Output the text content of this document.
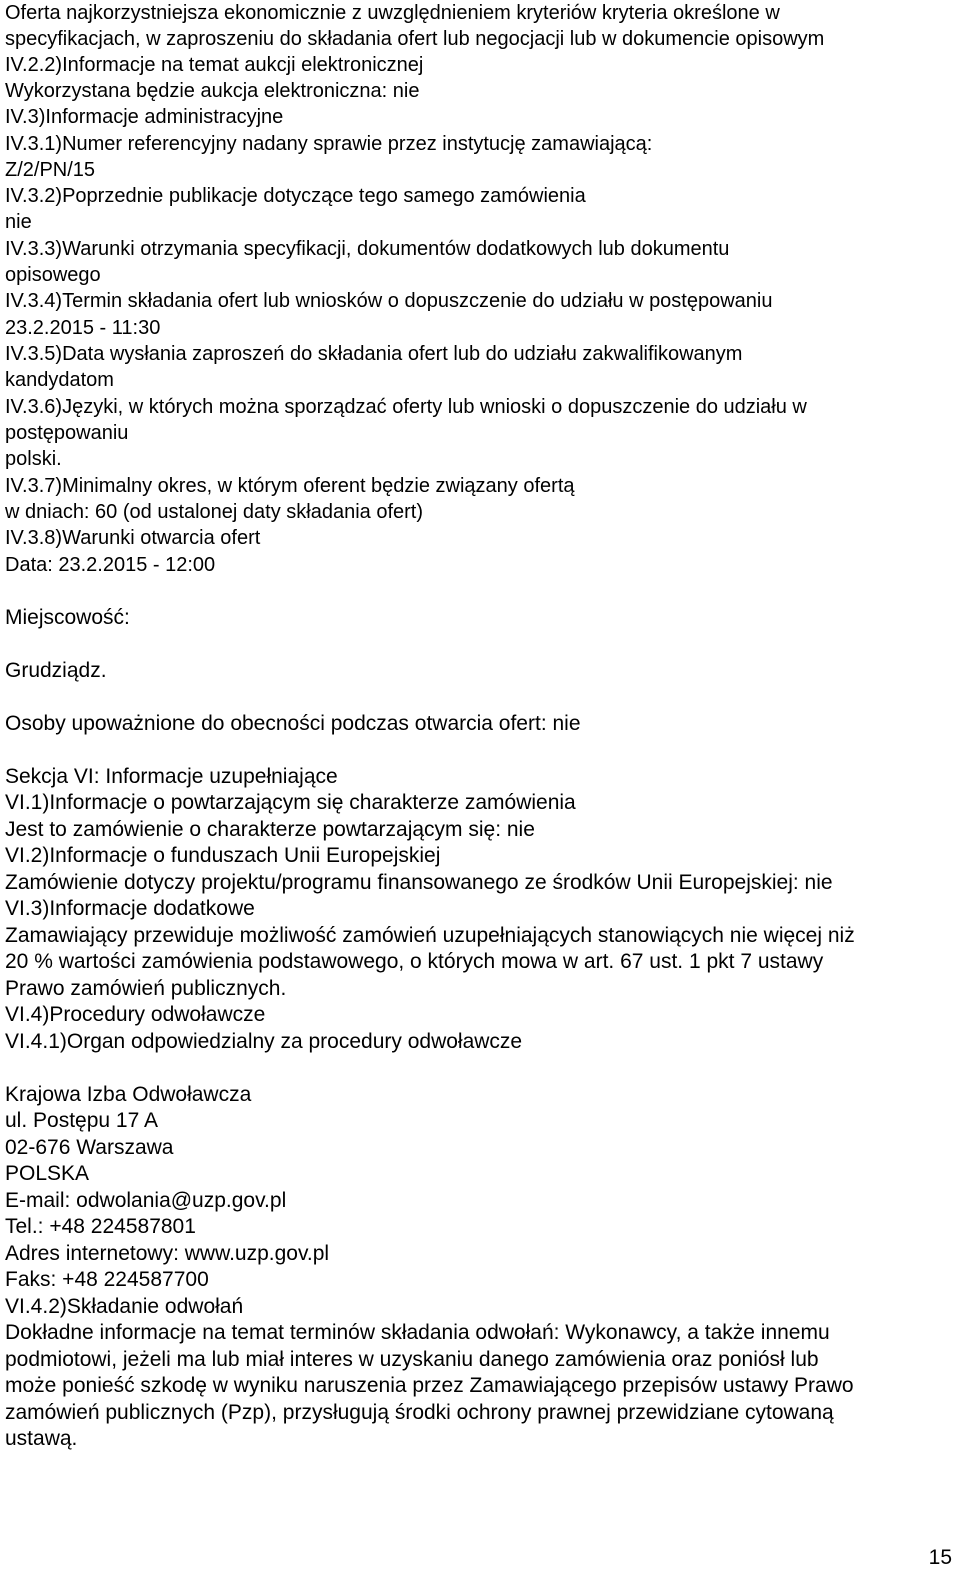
Oferta najkorzystniejsza ekonomicznie z uwzględnieniem kryteriów kryteria określone w
specyfikacjach, w zaproszeniu do składania ofert lub negocjacji lub w dokumencie opisowym
IV.2.2)Informacje na temat aukcji elektronicznej
Wykorzystana będzie aukcja elektroniczna: nie
IV.3)Informacje administracyjne
IV.3.1)Numer referencyjny nadany sprawie przez instytucję zamawiającą:
Z/2/PN/15
IV.3.2)Poprzednie publikacje dotyczące tego samego zamówienia
nie
IV.3.3)Warunki otrzymania specyfikacji, dokumentów dodatkowych lub dokumentu
opisowego
IV.3.4)Termin składania ofert lub wniosków o dopuszczenie do udziału w postępowaniu
23.2.2015 - 11:30
IV.3.5)Data wysłania zaproszeń do składania ofert lub do udziału zakwalifikowanym
kandydatom
IV.3.6)Języki, w których można sporządzać oferty lub wnioski o dopuszczenie do udziału w
postępowaniu
polski.
IV.3.7)Minimalny okres, w którym oferent będzie związany ofertą
w dniach: 60 (od ustalonej daty składania ofert)
IV.3.8)Warunki otwarcia ofert
Data: 23.2.2015 - 12:00
Miejscowość:
Grudziądz.
Osoby upoważnione do obecności podczas otwarcia ofert: nie
Sekcja VI: Informacje uzupełniające
VI.1)Informacje o powtarzającym się charakterze zamówienia
Jest to zamówienie o charakterze powtarzającym się: nie
VI.2)Informacje o funduszach Unii Europejskiej
Zamówienie dotyczy projektu/programu finansowanego ze środków Unii Europejskiej: nie
VI.3)Informacje dodatkowe
Zamawiający przewiduje możliwość zamówień uzupełniających stanowiących nie więcej niż
20 % wartości zamówienia podstawowego, o których mowa w art. 67 ust. 1 pkt 7 ustawy
Prawo zamówień publicznych.
VI.4)Procedury odwoławcze
VI.4.1)Organ odpowiedzialny za procedury odwoławcze
Krajowa Izba Odwoławcza
ul. Postępu 17 A
02-676 Warszawa
POLSKA
E-mail: odwolania@uzp.gov.pl
Tel.: +48 224587801
Adres internetowy: www.uzp.gov.pl
Faks: +48 224587700
VI.4.2)Składanie odwołań
Dokładne informacje na temat terminów składania odwołań: Wykonawcy, a także innemu
podmiotowi, jeżeli ma lub miał interes w uzyskaniu danego zamówienia oraz poniósł lub
może ponieść szkodę w wyniku naruszenia przez Zamawiającego przepisów ustawy Prawo
zamówień publicznych (Pzp), przysługują środki ochrony prawnej przewidziane cytowaną
ustawą.
15
